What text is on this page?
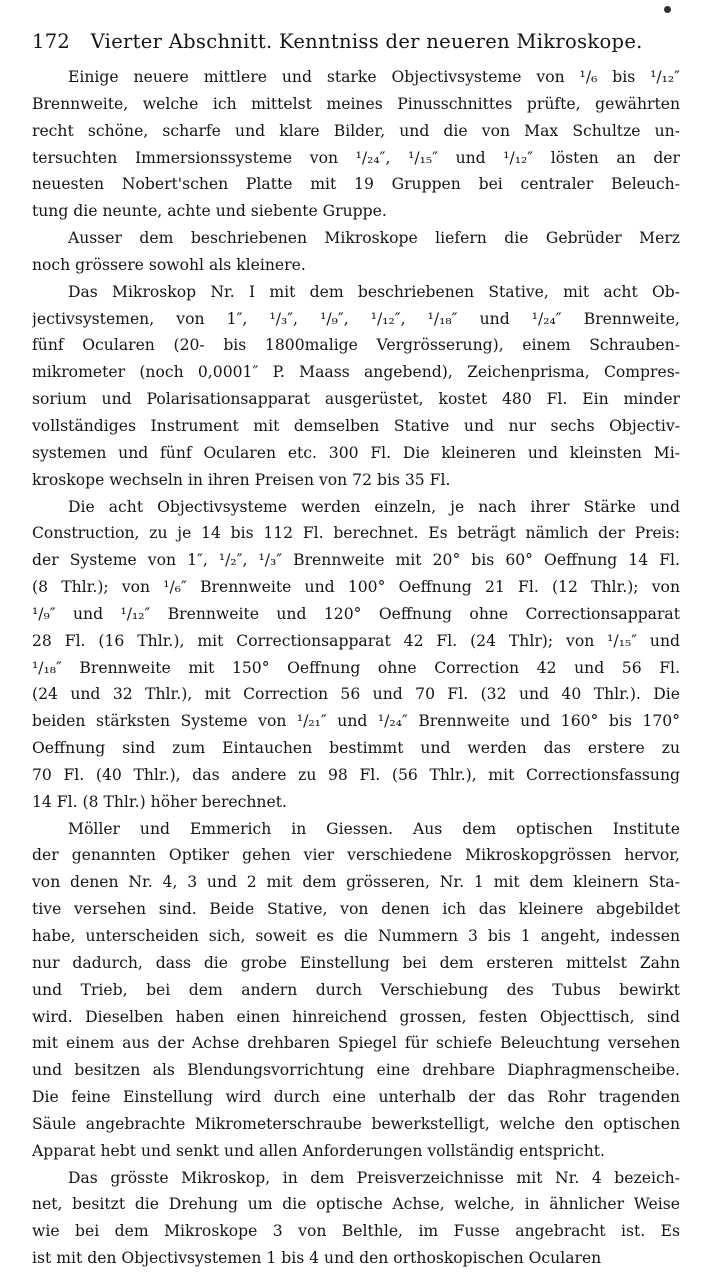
172 Vierter Abschnitt. Kenntniss der neueren Mikroskope.
Einige neuere mittlere und starke Objectivsysteme von ¹/₆ bis ¹/₁₂″
Brennweite, welche ich mittelst meines Pinusschnittes prüfte, gewährten
recht schöne, scharfe und klare Bilder, und die von Max Schultze un-
tersuchten Immersionssysteme von ¹/₂₄″, ¹/₁₅″ und ¹/₁₂″ lösten an der
neuesten Nobert'schen Platte mit 19 Gruppen bei centraler Beleuch-
tung die neunte, achte und siebente Gruppe.
Ausser dem beschriebenen Mikroskope liefern die Gebrüder Merz
noch grössere sowohl als kleinere.
Das Mikroskop Nr. I mit dem beschriebenen Stative, mit acht Ob-
jectivsystemen, von 1″, ¹/₃″, ¹/₉″, ¹/₁₂″, ¹/₁₈″ und ¹/₂₄″ Brennweite,
fünf Ocularen (20- bis 1800malige Vergrösserung), einem Schrauben-
mikrometer (noch 0,0001″ P. Maass angebend), Zeichenprisma, Compres-
sorium und Polarisationsapparat ausgerüstet, kostet 480 Fl. Ein minder
vollständiges Instrument mit demselben Stative und nur sechs Objectiv-
systemen und fünf Ocularen etc. 300 Fl. Die kleineren und kleinsten Mi-
kroskope wechseln in ihren Preisen von 72 bis 35 Fl.
Die acht Objectivsysteme werden einzeln, je nach ihrer Stärke und
Construction, zu je 14 bis 112 Fl. berechnet. Es beträgt nämlich der Preis:
der Systeme von 1″, ¹/₂″, ¹/₃″ Brennweite mit 20° bis 60° Oeffnung 14 Fl.
(8 Thlr.); von ¹/₆″ Brennweite und 100° Oeffnung 21 Fl. (12 Thlr.); von
¹/₉″ und ¹/₁₂″ Brennweite und 120° Oeffnung ohne Correctionsapparat
28 Fl. (16 Thlr.), mit Correctionsapparat 42 Fl. (24 Thlr); von ¹/₁₅″ und
¹/₁₈″ Brennweite mit 150° Oeffnung ohne Correction 42 und 56 Fl.
(24 und 32 Thlr.), mit Correction 56 und 70 Fl. (32 und 40 Thlr.). Die
beiden stärksten Systeme von ¹/₂₁″ und ¹/₂₄″ Brennweite und 160° bis 170°
Oeffnung sind zum Eintauchen bestimmt und werden das erstere zu
70 Fl. (40 Thlr.), das andere zu 98 Fl. (56 Thlr.), mit Correctionsfassung
14 Fl. (8 Thlr.) höher berechnet.
Möller und Emmerich in Giessen. Aus dem optischen Institute
der genannten Optiker gehen vier verschiedene Mikroskopgrössen hervor,
von denen Nr. 4, 3 und 2 mit dem grösseren, Nr. 1 mit dem kleinern Sta-
tive versehen sind. Beide Stative, von denen ich das kleinere abgebildet
habe, unterscheiden sich, soweit es die Nummern 3 bis 1 angeht, indessen
nur dadurch, dass die grobe Einstellung bei dem ersteren mittelst Zahn
und Trieb, bei dem andern durch Verschiebung des Tubus bewirkt
wird. Dieselben haben einen hinreichend grossen, festen Objecttisch, sind
mit einem aus der Achse drehbaren Spiegel für schiefe Beleuchtung versehen
und besitzen als Blendungsvorrichtung eine drehbare Diaphragmenscheibe.
Die feine Einstellung wird durch eine unterhalb der das Rohr tragenden
Säule angebrachte Mikrometerschraube bewerkstelligt, welche den optischen
Apparat hebt und senkt und allen Anforderungen vollständig entspricht.
Das grösste Mikroskop, in dem Preisverzeichnisse mit Nr. 4 bezeich-
net, besitzt die Drehung um die optische Achse, welche, in ähnlicher Weise
wie bei dem Mikroskope 3 von Belthle, im Fusse angebracht ist. Es
ist mit den Objectivsystemen 1 bis 4 und den orthoskopischen Ocularen
